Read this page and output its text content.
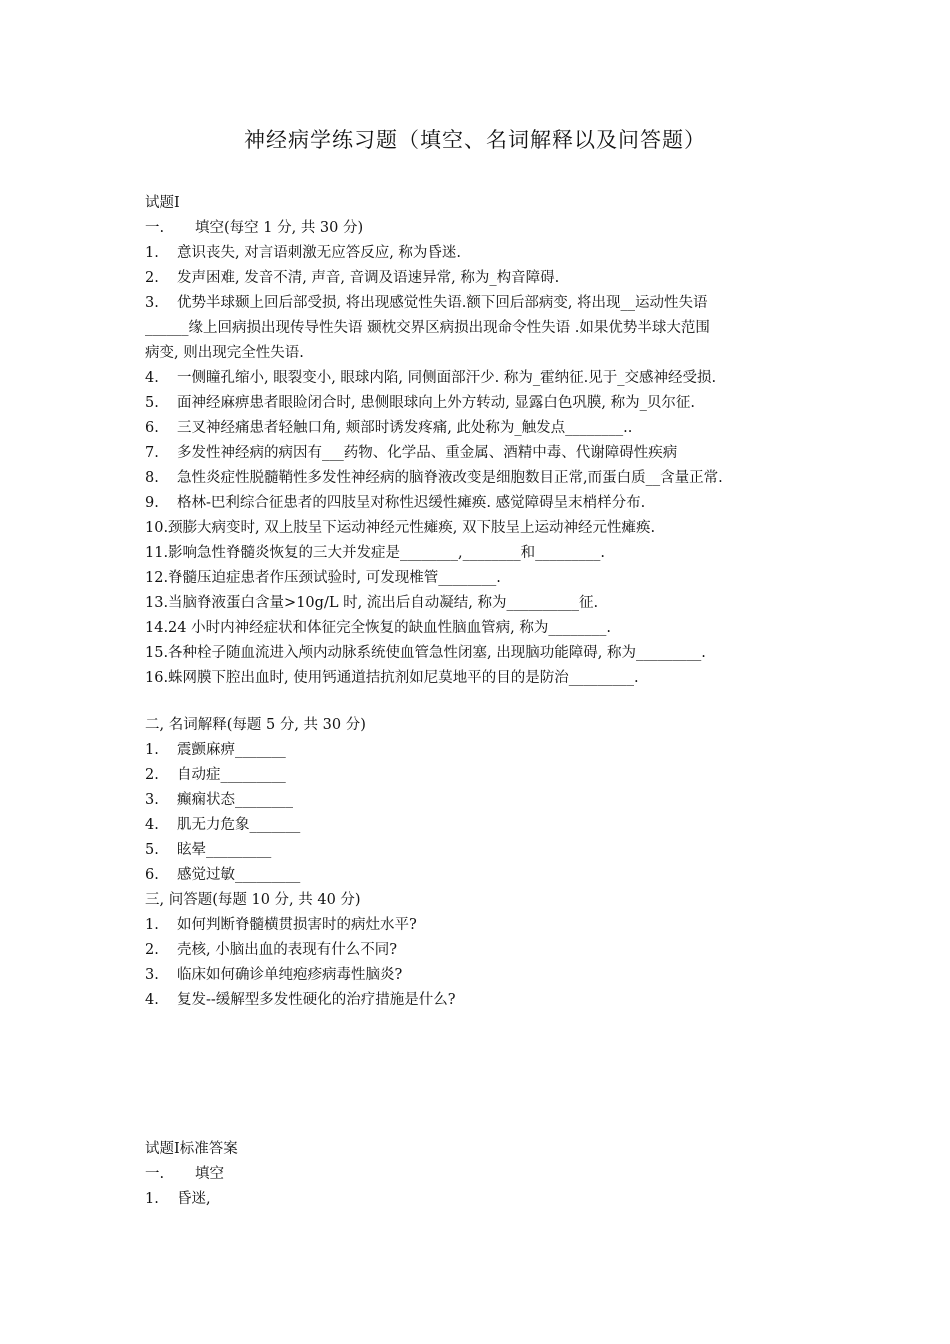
神经病学练习题（填空、名词解释以及问答题）
试题Ⅰ
一. 填空(每空 1 分, 共 30 分)
1. 意识丧失, 对言语刺激无应答反应, 称为昏迷.
2. 发声困难, 发音不清, 声音, 音调及语速异常, 称为_构音障碍.
3. 优势半球颞上回后部受损, 将出现感觉性失语.额下回后部病变, 将出现__运动性失语
______缘上回病损出现传导性失语 颞枕交界区病损出现命令性失语 .如果优势半球大范围
病变, 则出现完全性失语.
4. 一侧瞳孔缩小, 眼裂变小, 眼球内陷, 同侧面部汗少. 称为_霍纳征.见于_交感神经受损.
5. 面神经麻痹患者眼睑闭合时, 患侧眼球向上外方转动, 显露白色巩膜, 称为_贝尔征.
6. 三叉神经痛患者轻触口角, 颊部时诱发疼痛, 此处称为_触发点________..
7. 多发性神经病的病因有___药物、化学品、重金属、酒精中毒、代谢障碍性疾病
8. 急性炎症性脱髓鞘性多发性神经病的脑脊液改变是细胞数目正常,而蛋白质__含量正常.
9. 格林-巴利综合征患者的四肢呈对称性迟缓性瘫痪. 感觉障碍呈末梢样分布.
10.颈膨大病变时, 双上肢呈下运动神经元性瘫痪, 双下肢呈上运动神经元性瘫痪.
11.影响急性脊髓炎恢复的三大并发症是________,________和_________.
12.脊髓压迫症患者作压颈试验时, 可发现椎管________.
13.当脑脊液蛋白含量>10g/L 时, 流出后自动凝结, 称为__________征.
14.24 小时内神经症状和体征完全恢复的缺血性脑血管病, 称为________.
15.各种栓子随血流进入颅内动脉系统使血管急性闭塞, 出现脑功能障碍, 称为_________.
16.蛛网膜下腔出血时, 使用钙通道拮抗剂如尼莫地平的目的是防治_________.
二, 名词解释(每题 5 分, 共 30 分)
1. 震颤麻痹_______
2. 自动症_________
3. 癫痫状态________
4. 肌无力危象_______
5. 眩晕_________
6. 感觉过敏_________
三, 问答题(每题 10 分, 共 40 分)
1. 如何判断脊髓横贯损害时的病灶水平?
2. 壳核, 小脑出血的表现有什么不同?
3. 临床如何确诊单纯疱疹病毒性脑炎?
4. 复发--缓解型多发性硬化的治疗措施是什么?
试题Ⅰ标准答案
一. 填空
1. 昏迷,
